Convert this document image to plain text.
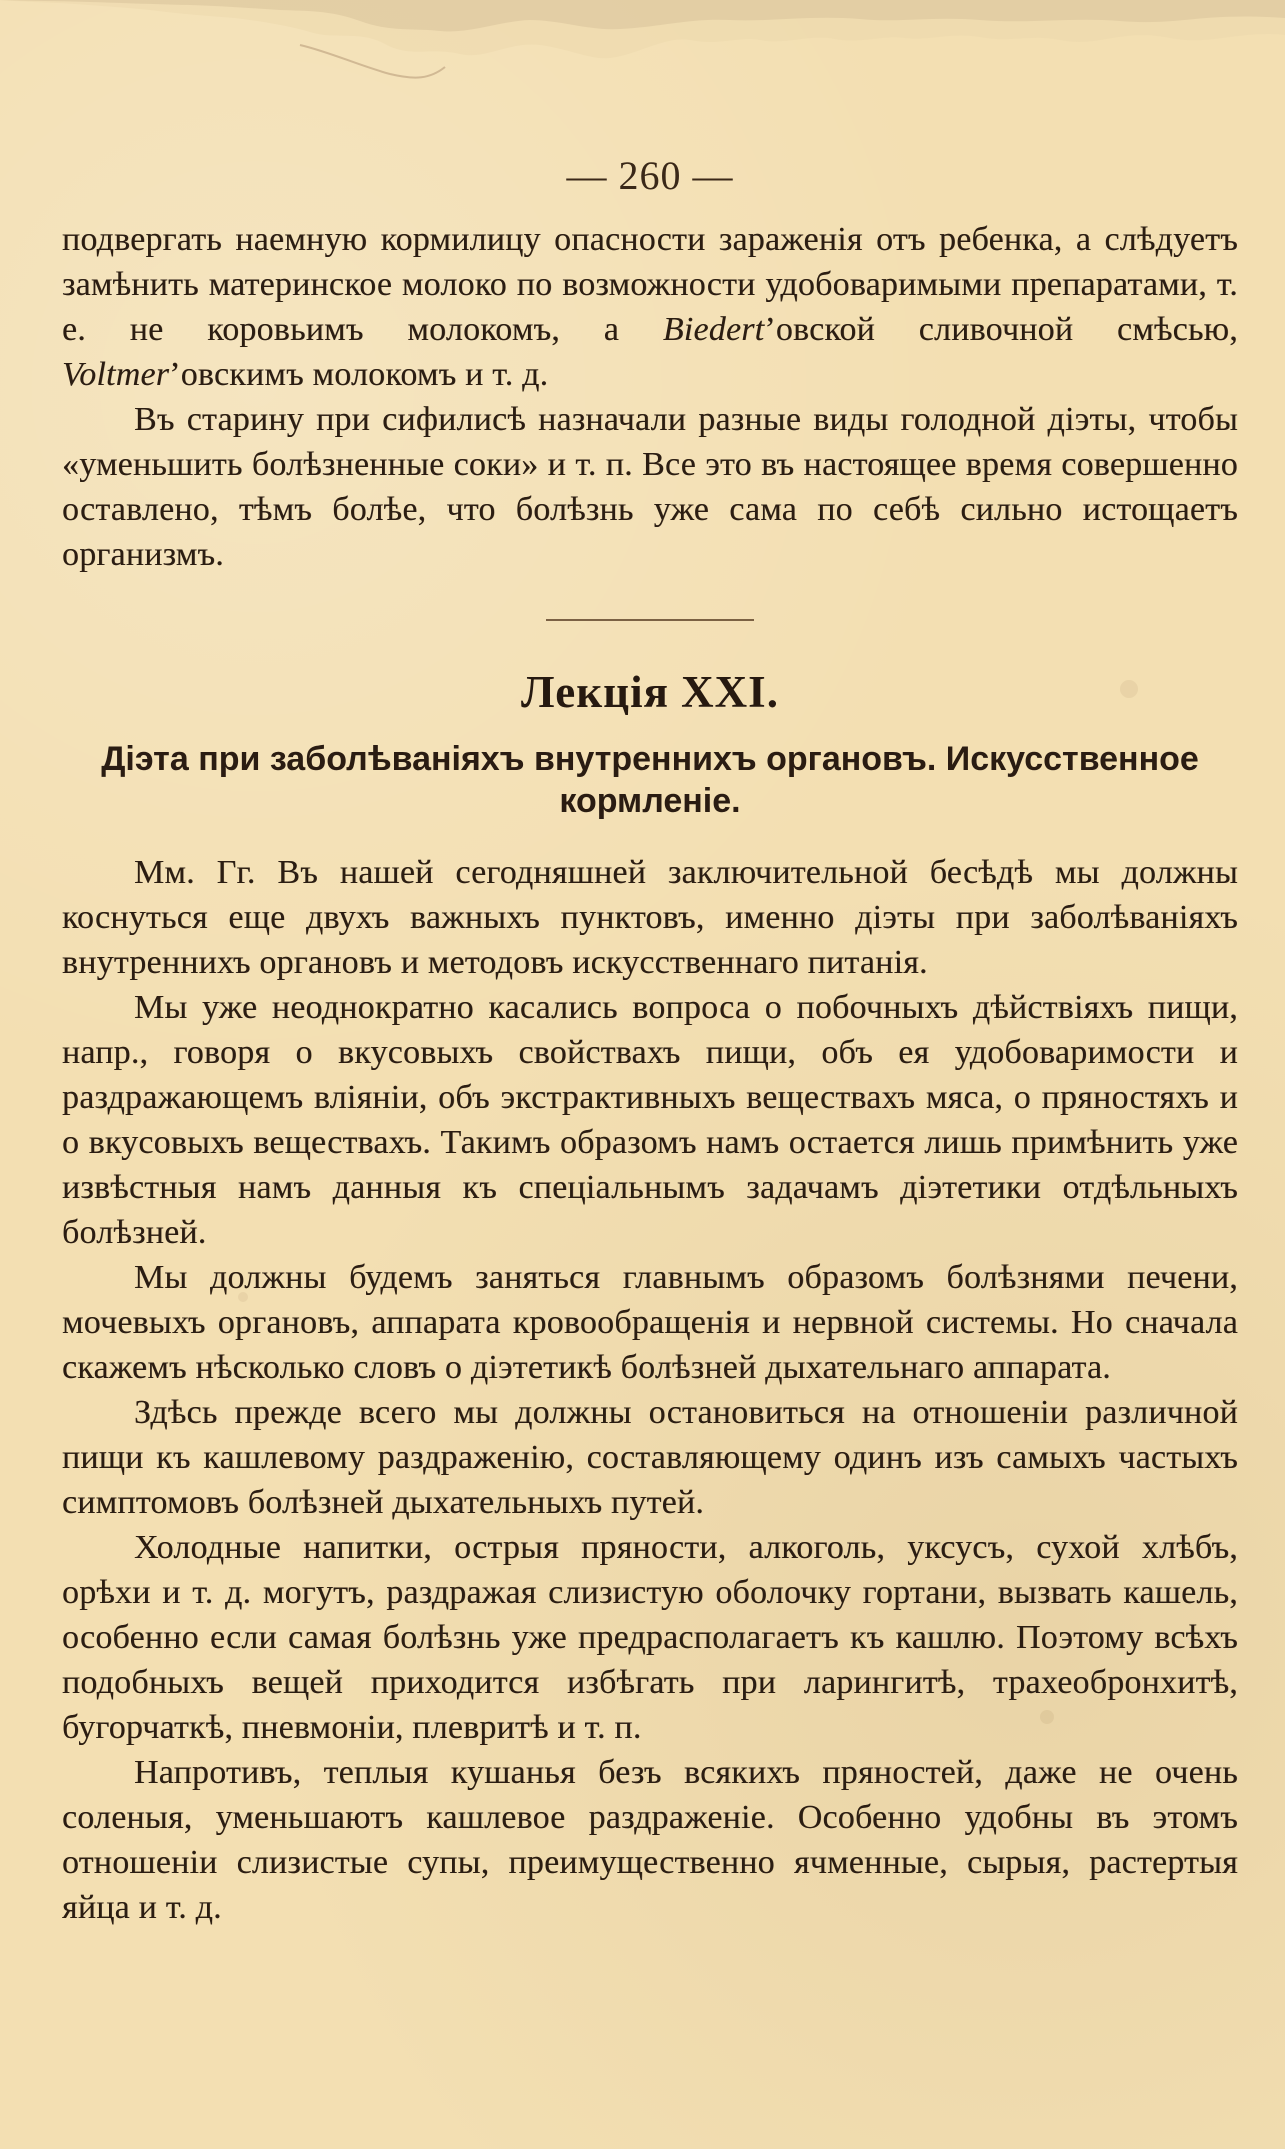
— 260 —

подвергать наемную кормилицу опасности зараженія отъ ребенка, а слѣдуетъ замѣнить материнское молоко по возможности удобоваримыми препаратами, т. е. не коровьимъ молокомъ, а Biedert’овской сливочной смѣсью, Voltmer’овскимъ молокомъ и т. д.

Въ старину при сифилисѣ назначали разные виды голодной діэты, чтобы «уменьшить болѣзненные соки» и т. п. Все это въ настоящее время совершенно оставлено, тѣмъ болѣе, что болѣзнь уже сама по себѣ сильно истощаетъ организмъ.

Лекція XXI.
Діэта при заболѣваніяхъ внутреннихъ органовъ. Искусственное
кормленіе.

Мм. Гг. Въ нашей сегодняшней заключительной бесѣдѣ мы должны коснуться еще двухъ важныхъ пунктовъ, именно діэты при заболѣваніяхъ внутреннихъ органовъ и методовъ искусственнаго питанія.

Мы уже неоднократно касались вопроса о побочныхъ дѣйствіяхъ пищи, напр., говоря о вкусовыхъ свойствахъ пищи, объ ея удобоваримости и раздражающемъ вліяніи, объ экстрактивныхъ веществахъ мяса, о пряностяхъ и о вкусовыхъ веществахъ. Такимъ образомъ намъ остается лишь примѣнить уже извѣстныя намъ данныя къ спеціальнымъ задачамъ діэтетики отдѣльныхъ болѣзней.

Мы должны будемъ заняться главнымъ образомъ болѣзнями печени, мочевыхъ органовъ, аппарата кровообращенія и нервной системы. Но сначала скажемъ нѣсколько словъ о діэтетикѣ болѣзней дыхательнаго аппарата.

Здѣсь прежде всего мы должны остановиться на отношеніи различной пищи къ кашлевому раздраженію, составляющему одинъ изъ самыхъ частыхъ симптомовъ болѣзней дыхательныхъ путей.

Холодные напитки, острыя пряности, алкоголь, уксусъ, сухой хлѣбъ, орѣхи и т. д. могутъ, раздражая слизистую оболочку гортани, вызвать кашель, особенно если самая болѣзнь уже предрасполагаетъ къ кашлю. Поэтому всѣхъ подобныхъ вещей приходится избѣгать при ларингитѣ, трахеобронхитѣ, бугорчаткѣ, пневмоніи, плевритѣ и т. п.

Напротивъ, теплыя кушанья безъ всякихъ пряностей, даже не очень соленыя, уменьшаютъ кашлевое раздраженіе. Особенно удобны въ этомъ отношеніи слизистые супы, преимущественно ячменные, сырыя, растертыя яйца и т. д.
